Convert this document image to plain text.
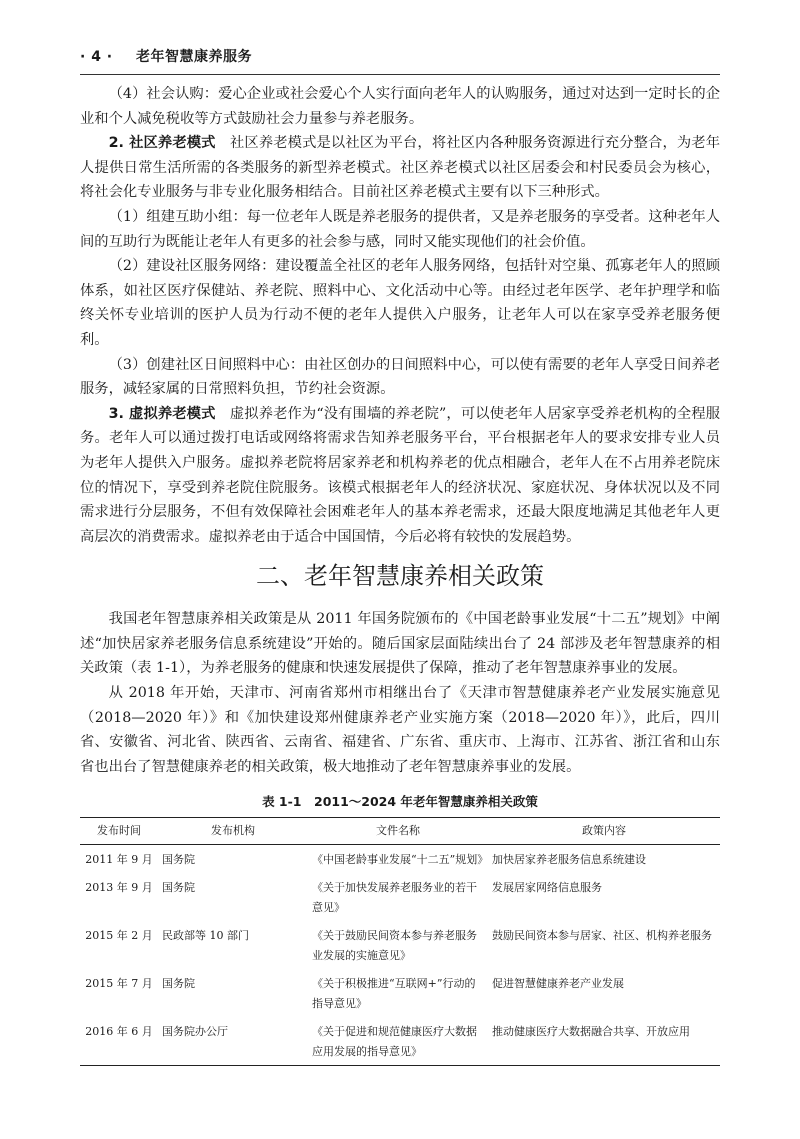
· 4 · 老年智慧康养服务

（4）社会认购：爱心企业或社会爱心个人实行面向老年人的认购服务，通过对达到一定时长的企业和个人减免税收等方式鼓励社会力量参与养老服务。

2. 社区养老模式　社区养老模式是以社区为平台，将社区内各种服务资源进行充分整合，为老年人提供日常生活所需的各类服务的新型养老模式。社区养老模式以社区居委会和村民委员会为核心，将社会化专业服务与非专业化服务相结合。目前社区养老模式主要有以下三种形式。

（1）组建互助小组：每一位老年人既是养老服务的提供者，又是养老服务的享受者。这种老年人间的互助行为既能让老年人有更多的社会参与感，同时又能实现他们的社会价值。

（2）建设社区服务网络：建设覆盖全社区的老年人服务网络，包括针对空巢、孤寡老年人的照顾体系，如社区医疗保健站、养老院、照料中心、文化活动中心等。由经过老年医学、老年护理学和临终关怀专业培训的医护人员为行动不便的老年人提供入户服务，让老年人可以在家享受养老服务便利。

（3）创建社区日间照料中心：由社区创办的日间照料中心，可以使有需要的老年人享受日间养老服务，减轻家属的日常照料负担，节约社会资源。

3. 虚拟养老模式　虚拟养老作为“没有围墙的养老院”，可以使老年人居家享受养老机构的全程服务。老年人可以通过拨打电话或网络将需求告知养老服务平台，平台根据老年人的要求安排专业人员为老年人提供入户服务。虚拟养老院将居家养老和机构养老的优点相融合，老年人在不占用养老院床位的情况下，享受到养老院住院服务。该模式根据老年人的经济状况、家庭状况、身体状况以及不同需求进行分层服务，不但有效保障社会困难老年人的基本养老需求，还最大限度地满足其他老年人更高层次的消费需求。虚拟养老由于适合中国国情，今后必将有较快的发展趋势。

二、老年智慧康养相关政策

我国老年智慧康养相关政策是从 2011 年国务院颁布的《中国老龄事业发展“十二五”规划》中阐述“加快居家养老服务信息系统建设”开始的。随后国家层面陆续出台了 24 部涉及老年智慧康养的相关政策（表 1-1），为养老服务的健康和快速发展提供了保障，推动了老年智慧康养事业的发展。

从 2018 年开始，天津市、河南省郑州市相继出台了《天津市智慧健康养老产业发展实施意见（2018—2020 年）》和《加快建设郑州健康养老产业实施方案（2018—2020 年）》，此后，四川省、安徽省、河北省、陕西省、云南省、福建省、广东省、重庆市、上海市、江苏省、浙江省和山东省也出台了智慧健康养老的相关政策，极大地推动了老年智慧康养事业的发展。

表 1-1　2011～2024 年老年智慧康养相关政策
发布时间	发布机构	文件名称	政策内容
2011 年 9 月	国务院	《中国老龄事业发展“十二五”规划》	加快居家养老服务信息系统建设
2013 年 9 月	国务院	《关于加快发展养老服务业的若干意见》	发展居家网络信息服务
2015 年 2 月	民政部等 10 部门	《关于鼓励民间资本参与养老服务业发展的实施意见》	鼓励民间资本参与居家、社区、机构养老服务
2015 年 7 月	国务院	《关于积极推进“互联网+”行动的指导意见》	促进智慧健康养老产业发展
2016 年 6 月	国务院办公厅	《关于促进和规范健康医疗大数据应用发展的指导意见》	推动健康医疗大数据融合共享、开放应用
